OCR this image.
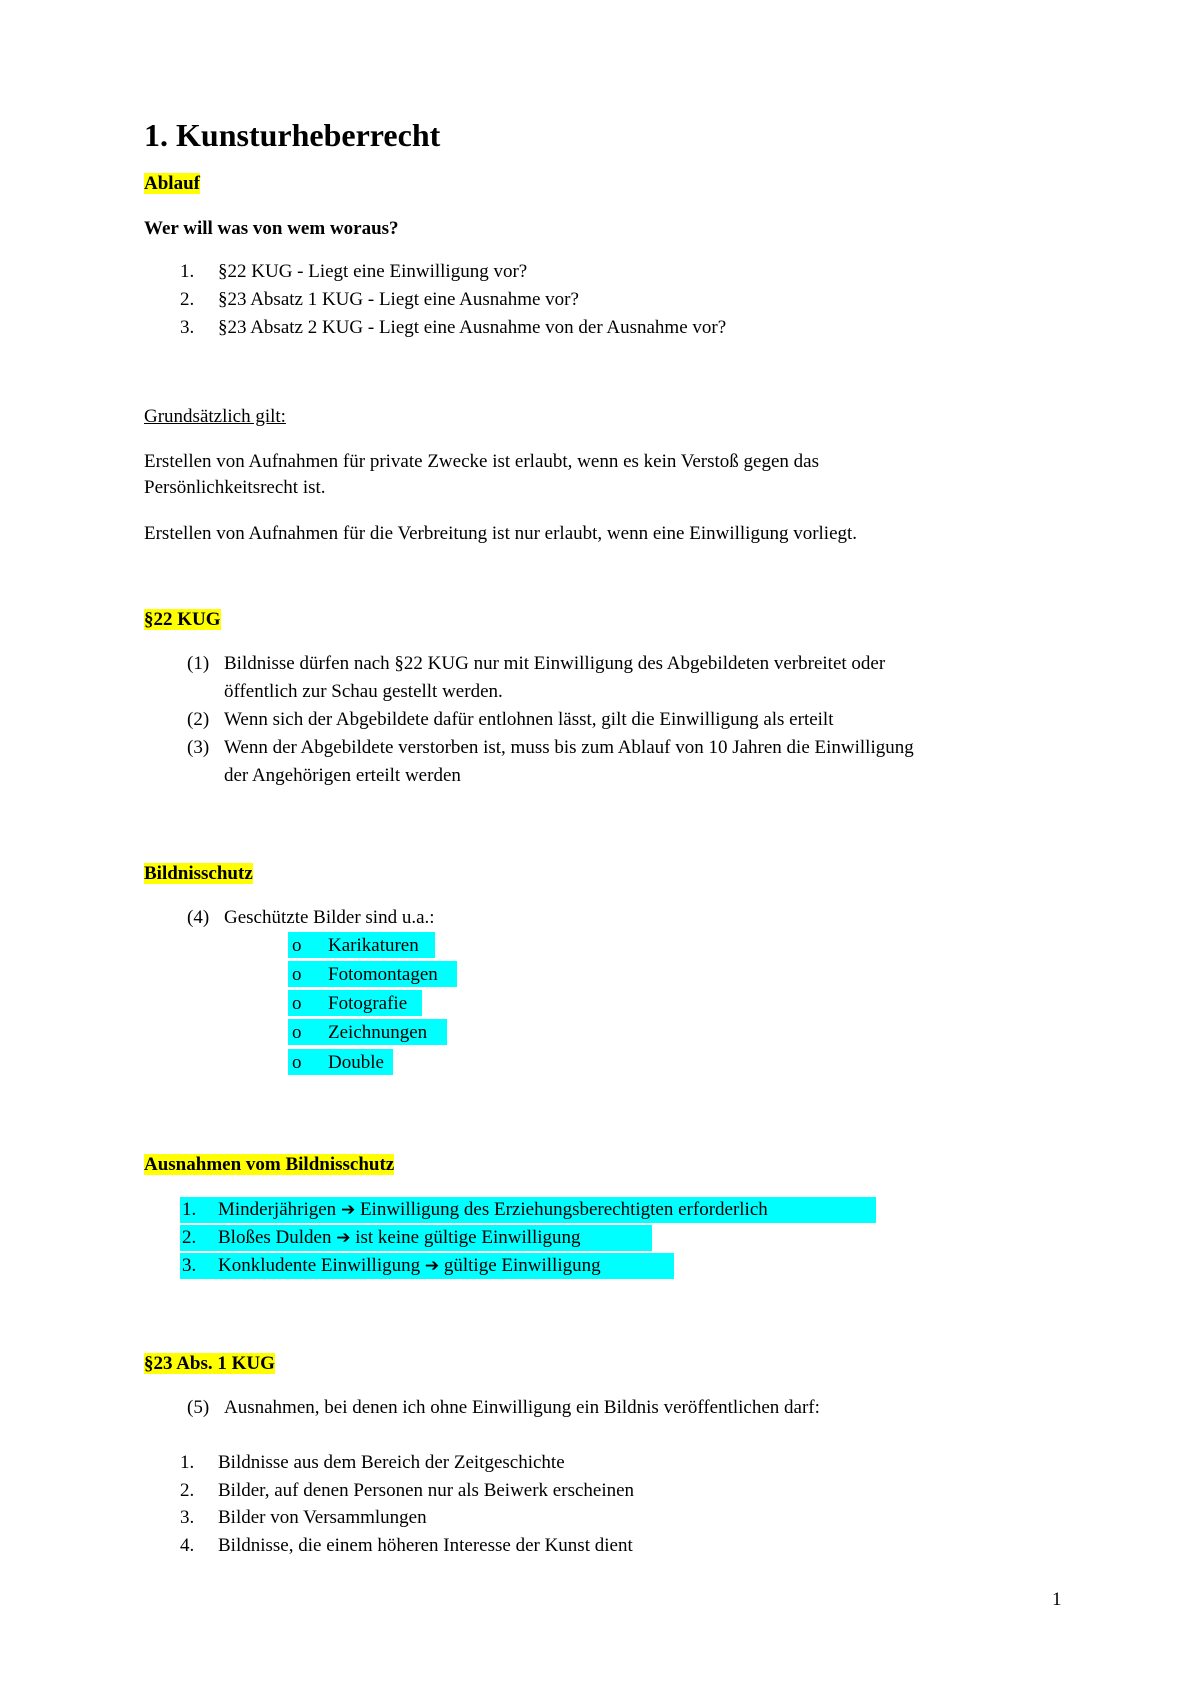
1. Kunsturheberrecht
Ablauf
Wer will was von wem woraus?
1. §22 KUG - Liegt eine Einwilligung vor?
2. §23 Absatz 1 KUG - Liegt eine Ausnahme vor?
3. §23 Absatz 2 KUG - Liegt eine Ausnahme von der Ausnahme vor?
Grundsätzlich gilt:
Erstellen von Aufnahmen für private Zwecke ist erlaubt, wenn es kein Verstoß gegen das
Persönlichkeitsrecht ist.
Erstellen von Aufnahmen für die Verbreitung ist nur erlaubt, wenn eine Einwilligung vorliegt.
§22 KUG
(1) Bildnisse dürfen nach §22 KUG nur mit Einwilligung des Abgebildeten verbreitet oder
öffentlich zur Schau gestellt werden.
(2) Wenn sich der Abgebildete dafür entlohnen lässt, gilt die Einwilligung als erteilt
(3) Wenn der Abgebildete verstorben ist, muss bis zum Ablauf von 10 Jahren die Einwilligung
der Angehörigen erteilt werden
Bildnisschutz
(4) Geschützte Bilder sind u.a.:
o Karikaturen
o Fotomontagen
o Fotografie
o Zeichnungen
o Double
Ausnahmen vom Bildnisschutz
1. Minderjährigen ➔ Einwilligung des Erziehungsberechtigten erforderlich
2. Bloßes Dulden ➔ ist keine gültige Einwilligung
3. Konkludente Einwilligung ➔ gültige Einwilligung
§23 Abs. 1 KUG
(5) Ausnahmen, bei denen ich ohne Einwilligung ein Bildnis veröffentlichen darf:
1. Bildnisse aus dem Bereich der Zeitgeschichte
2. Bilder, auf denen Personen nur als Beiwerk erscheinen
3. Bilder von Versammlungen
4. Bildnisse, die einem höheren Interesse der Kunst dient
1
